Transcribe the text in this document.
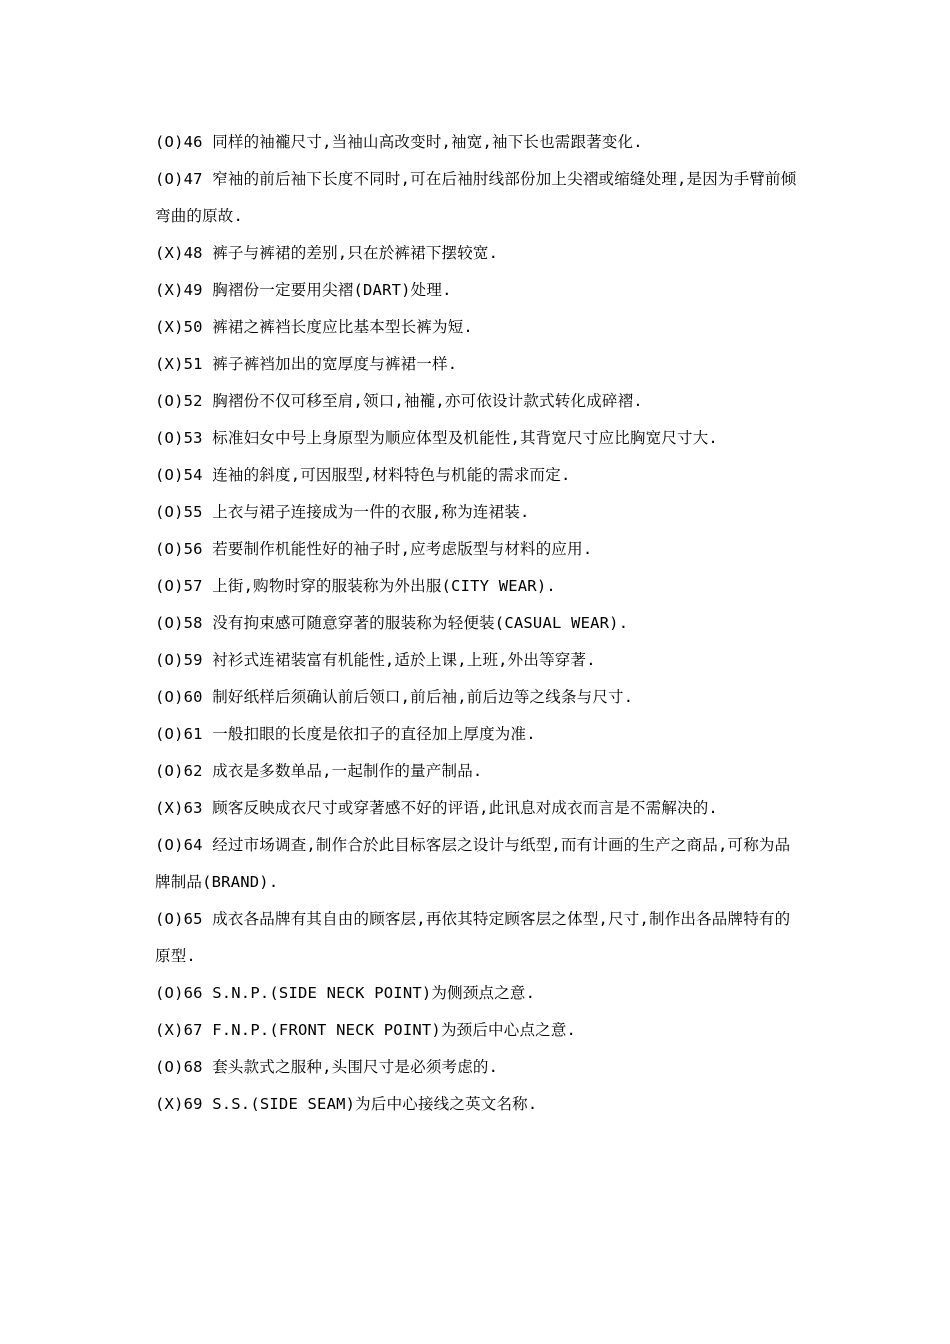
(O)46 同样的袖襱尺寸,当袖山高改变时,袖宽,袖下长也需跟著变化.
(O)47 窄袖的前后袖下长度不同时,可在后袖肘线部份加上尖褶或缩缝处理,是因为手臂前倾弯曲的原故.
(X)48 裤子与裤裙的差别,只在於裤裙下摆较宽.
(X)49 胸褶份一定要用尖褶(DART)处理.
(X)50 裤裙之裤裆长度应比基本型长裤为短.
(X)51 裤子裤裆加出的宽厚度与裤裙一样.
(O)52 胸褶份不仅可移至肩,领口,袖襱,亦可依设计款式转化成碎褶.
(O)53 标准妇女中号上身原型为顺应体型及机能性,其背宽尺寸应比胸宽尺寸大.
(O)54 连袖的斜度,可因服型,材料特色与机能的需求而定.
(O)55 上衣与裙子连接成为一件的衣服,称为连裙装.
(O)56 若要制作机能性好的袖子时,应考虑版型与材料的应用.
(O)57 上街,购物时穿的服装称为外出服(CITY WEAR).
(O)58 没有拘束感可随意穿著的服装称为轻便装(CASUAL WEAR).
(O)59 衬衫式连裙装富有机能性,适於上课,上班,外出等穿著.
(O)60 制好纸样后须确认前后领口,前后袖,前后边等之线条与尺寸.
(O)61 一般扣眼的长度是依扣子的直径加上厚度为准.
(O)62 成衣是多数单品,一起制作的量产制品.
(X)63 顾客反映成衣尺寸或穿著感不好的评语,此讯息对成衣而言是不需解决的.
(O)64 经过市场调查,制作合於此目标客层之设计与纸型,而有计画的生产之商品,可称为品牌制品(BRAND).
(O)65 成衣各品牌有其自由的顾客层,再依其特定顾客层之体型,尺寸,制作出各品牌特有的原型.
(O)66 S.N.P.(SIDE NECK POINT)为侧颈点之意.
(X)67 F.N.P.(FRONT NECK POINT)为颈后中心点之意.
(O)68 套头款式之服种,头围尺寸是必须考虑的.
(X)69 S.S.(SIDE SEAM)为后中心接线之英文名称.
